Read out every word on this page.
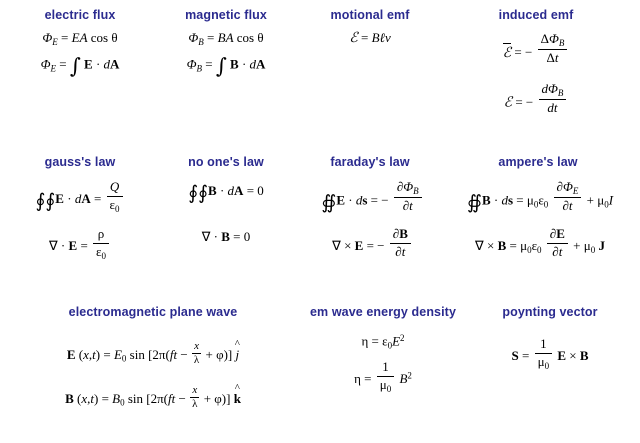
electric flux
$\Phi_E$ = EA cos θ
$\Phi_E$ = ∫ E · dA
magnetic flux
$\Phi_B$ = BA cos θ
$\Phi_B$ = ∫ B · dA
motional emf
ℰ = Bℓv
induced emf
ℰ = − $\frac{\Delta\Phi_B}{\Delta t}$
ℰ = − $\frac{d\Phi_B}{dt}$
gauss's law
∮ ∮E · dA = $\frac{Q}{\varepsilon_0}$
∇ · $E = \frac{\rho}{\varepsilon_0}$
no one's law
∮ ∮B · dA = 0
∇ · B = 0
faraday's law
∯E · ds = − $\frac{\partial\Phi_B}{\partial t}$
∇ × E = − $\frac{\partial B}{\partial t}$
ampere's law
∯B · ds = $\mu_0\varepsilon_0 \frac{\partial\Phi_E}{\partial t} + \mu_0I$
∇ × $B = \mu_0\varepsilon_0 \frac{\partial E}{\partial t} + \mu_0$ J
electromagnetic plane wave
E $(x,t) = E_0$ $\sin [2\pi(ft - \frac{x}{\lambda} + \varphi)]$
^
j
B $(x,t) = B_0$ $\sin [2\pi(ft - \frac{x}{\lambda} + \varphi)]$
^
k
em wave energy density
$\eta = \varepsilon_0E^2$
$\eta = \frac{1}{\mu_0} B^2$
poynting vector
$S = \frac{1}{\mu_0}$ E × B
